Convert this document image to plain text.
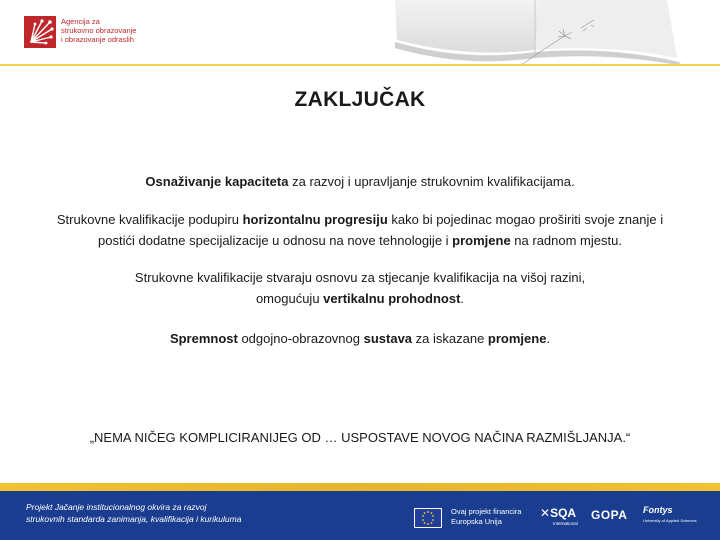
Agencija za
strukovno obrazovanje
i obrazovanje odraslih
ZAKLJUČAK
Osnaživanje kapaciteta za razvoj i upravljanje strukovnim kvalifikacijama.
Strukovne kvalifikacije podupiru horizontalnu progresiju kako bi pojedinac mogao proširiti svoje znanje i postići dodatne specijalizacije u odnosu na nove tehnologije i promjene na radnom mjestu.
Strukovne kvalifikacije stvaraju osnovu za stjecanje kvalifikacija na višoj razini,
omogućuju vertikalnu prohodnost.
Spremnost odgojno-obrazovnog sustava za iskazane promjene.
„NEMA NIČEG KOMPLICIRANIJEG OD … USPOSTAVE NOVOG NAČINA RAZMIŠLJANJA.“
Projekt Jačanje institucionalnog okvira za razvoj
strukovnih standarda zanimanja, kvalifikacija i kurikuluma
Ovaj projekt financira
Europska Unija
✕SQA
International
GOPA Fontys
University of Applied Sciences
